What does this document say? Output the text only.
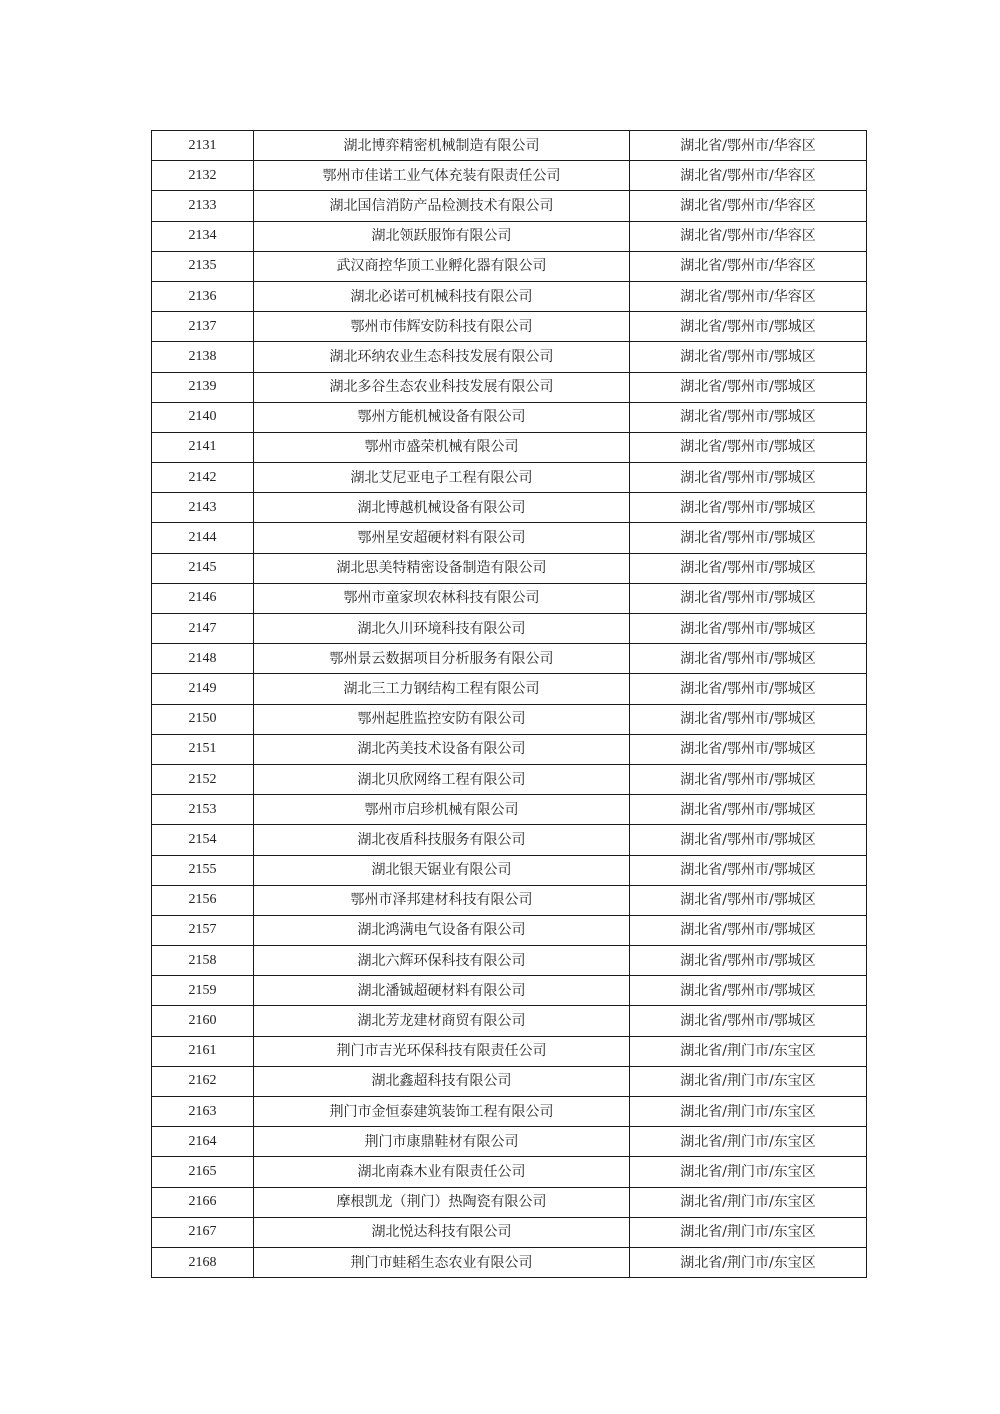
2131	湖北博弈精密机械制造有限公司	湖北省/鄂州市/华容区
2132	鄂州市佳诺工业气体充装有限责任公司	湖北省/鄂州市/华容区
2133	湖北国信消防产品检测技术有限公司	湖北省/鄂州市/华容区
2134	湖北领跃服饰有限公司	湖北省/鄂州市/华容区
2135	武汉商控华顶工业孵化器有限公司	湖北省/鄂州市/华容区
2136	湖北必诺可机械科技有限公司	湖北省/鄂州市/华容区
2137	鄂州市伟辉安防科技有限公司	湖北省/鄂州市/鄂城区
2138	湖北环纳农业生态科技发展有限公司	湖北省/鄂州市/鄂城区
2139	湖北多谷生态农业科技发展有限公司	湖北省/鄂州市/鄂城区
2140	鄂州方能机械设备有限公司	湖北省/鄂州市/鄂城区
2141	鄂州市盛荣机械有限公司	湖北省/鄂州市/鄂城区
2142	湖北艾尼亚电子工程有限公司	湖北省/鄂州市/鄂城区
2143	湖北博越机械设备有限公司	湖北省/鄂州市/鄂城区
2144	鄂州星安超硬材料有限公司	湖北省/鄂州市/鄂城区
2145	湖北思美特精密设备制造有限公司	湖北省/鄂州市/鄂城区
2146	鄂州市童家坝农林科技有限公司	湖北省/鄂州市/鄂城区
2147	湖北久川环境科技有限公司	湖北省/鄂州市/鄂城区
2148	鄂州景云数据项目分析服务有限公司	湖北省/鄂州市/鄂城区
2149	湖北三工力钢结构工程有限公司	湖北省/鄂州市/鄂城区
2150	鄂州起胜监控安防有限公司	湖北省/鄂州市/鄂城区
2151	湖北芮美技术设备有限公司	湖北省/鄂州市/鄂城区
2152	湖北贝欣网络工程有限公司	湖北省/鄂州市/鄂城区
2153	鄂州市启珍机械有限公司	湖北省/鄂州市/鄂城区
2154	湖北夜盾科技服务有限公司	湖北省/鄂州市/鄂城区
2155	湖北银天锯业有限公司	湖北省/鄂州市/鄂城区
2156	鄂州市泽邦建材科技有限公司	湖北省/鄂州市/鄂城区
2157	湖北鸿满电气设备有限公司	湖北省/鄂州市/鄂城区
2158	湖北六辉环保科技有限公司	湖北省/鄂州市/鄂城区
2159	湖北潘铖超硬材料有限公司	湖北省/鄂州市/鄂城区
2160	湖北芳龙建材商贸有限公司	湖北省/鄂州市/鄂城区
2161	荆门市吉光环保科技有限责任公司	湖北省/荆门市/东宝区
2162	湖北鑫超科技有限公司	湖北省/荆门市/东宝区
2163	荆门市金恒泰建筑装饰工程有限公司	湖北省/荆门市/东宝区
2164	荆门市康鼎鞋材有限公司	湖北省/荆门市/东宝区
2165	湖北南森木业有限责任公司	湖北省/荆门市/东宝区
2166	摩根凯龙（荆门）热陶瓷有限公司	湖北省/荆门市/东宝区
2167	湖北悦达科技有限公司	湖北省/荆门市/东宝区
2168	荆门市蛙稻生态农业有限公司	湖北省/荆门市/东宝区
